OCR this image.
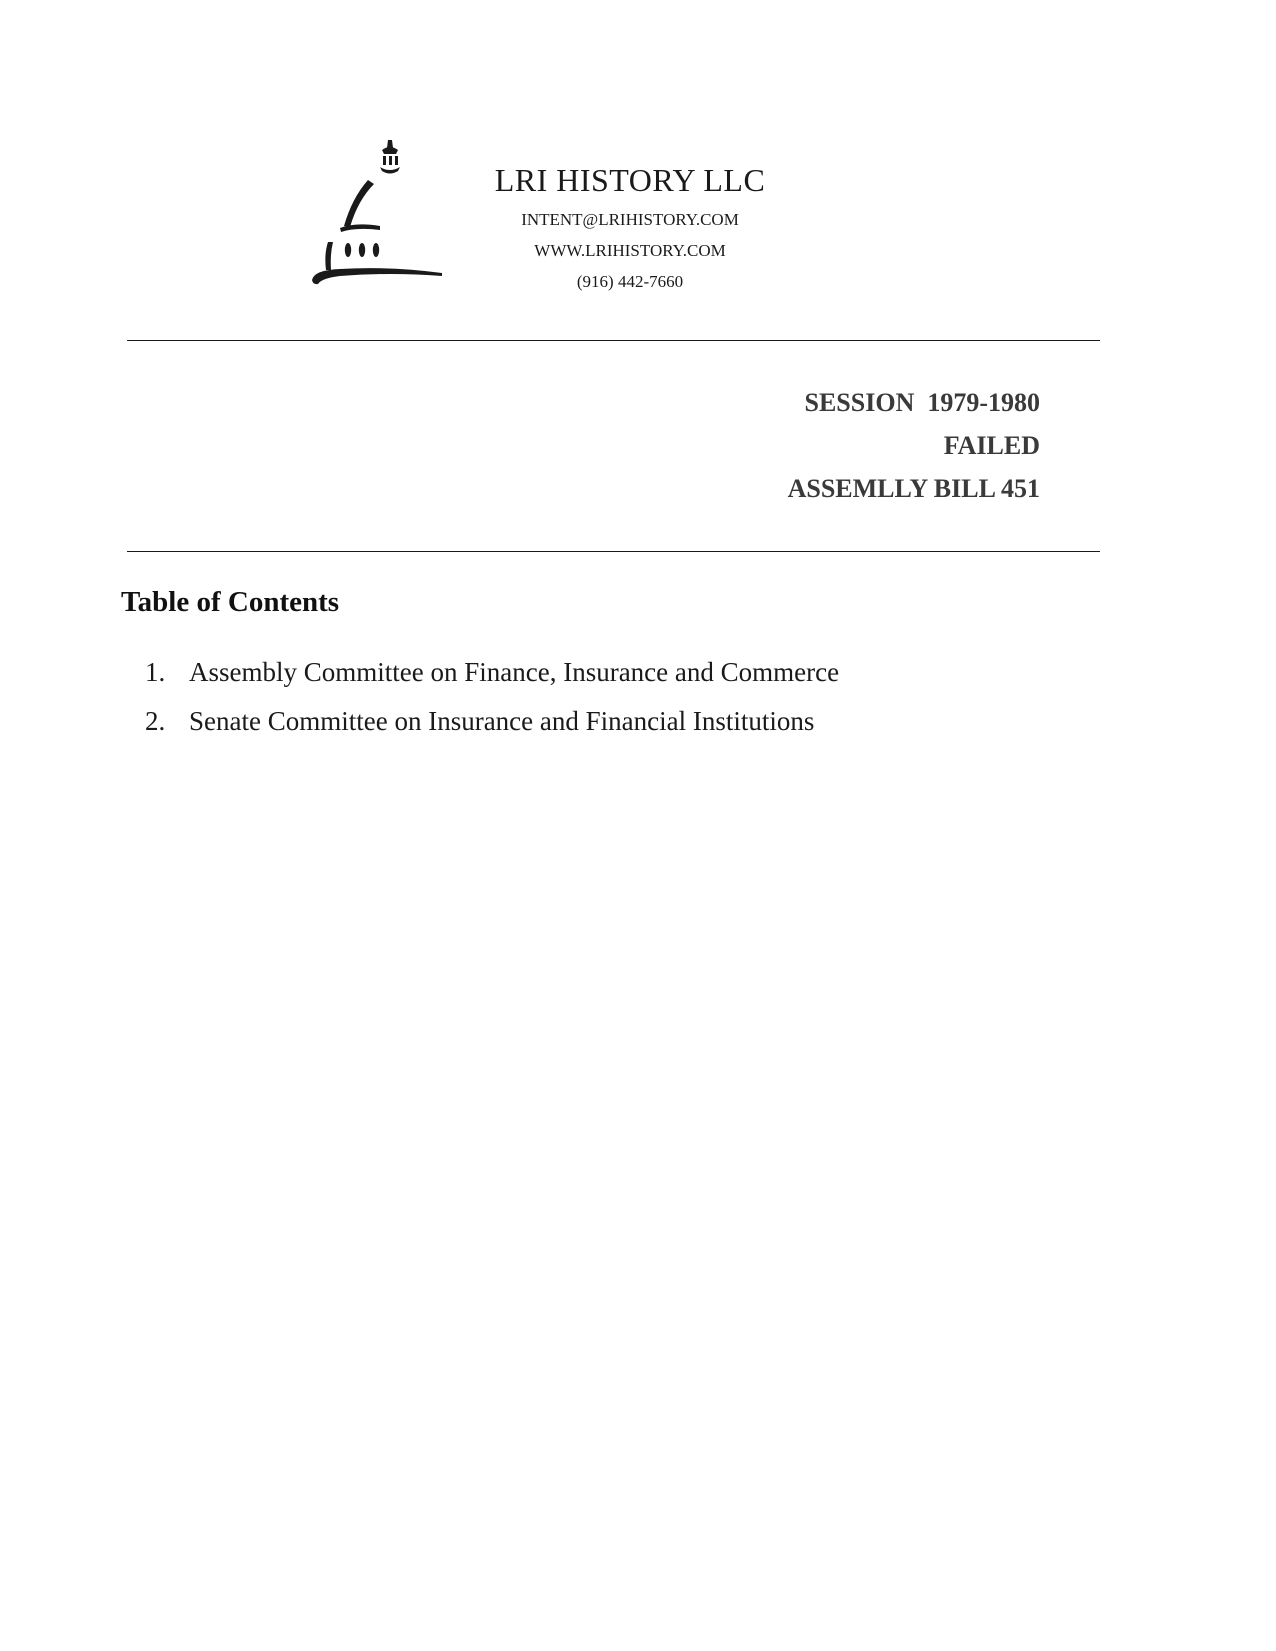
LRI HISTORY LLC
INTENT@LRIHISTORY.COM
WWW.LRIHISTORY.COM
(916) 442-7660
SESSION  1979-1980
FAILED
ASSEMLLY BILL 451
Table of Contents
1. Assembly Committee on Finance, Insurance and Commerce
2. Senate Committee on Insurance and Financial Institutions
